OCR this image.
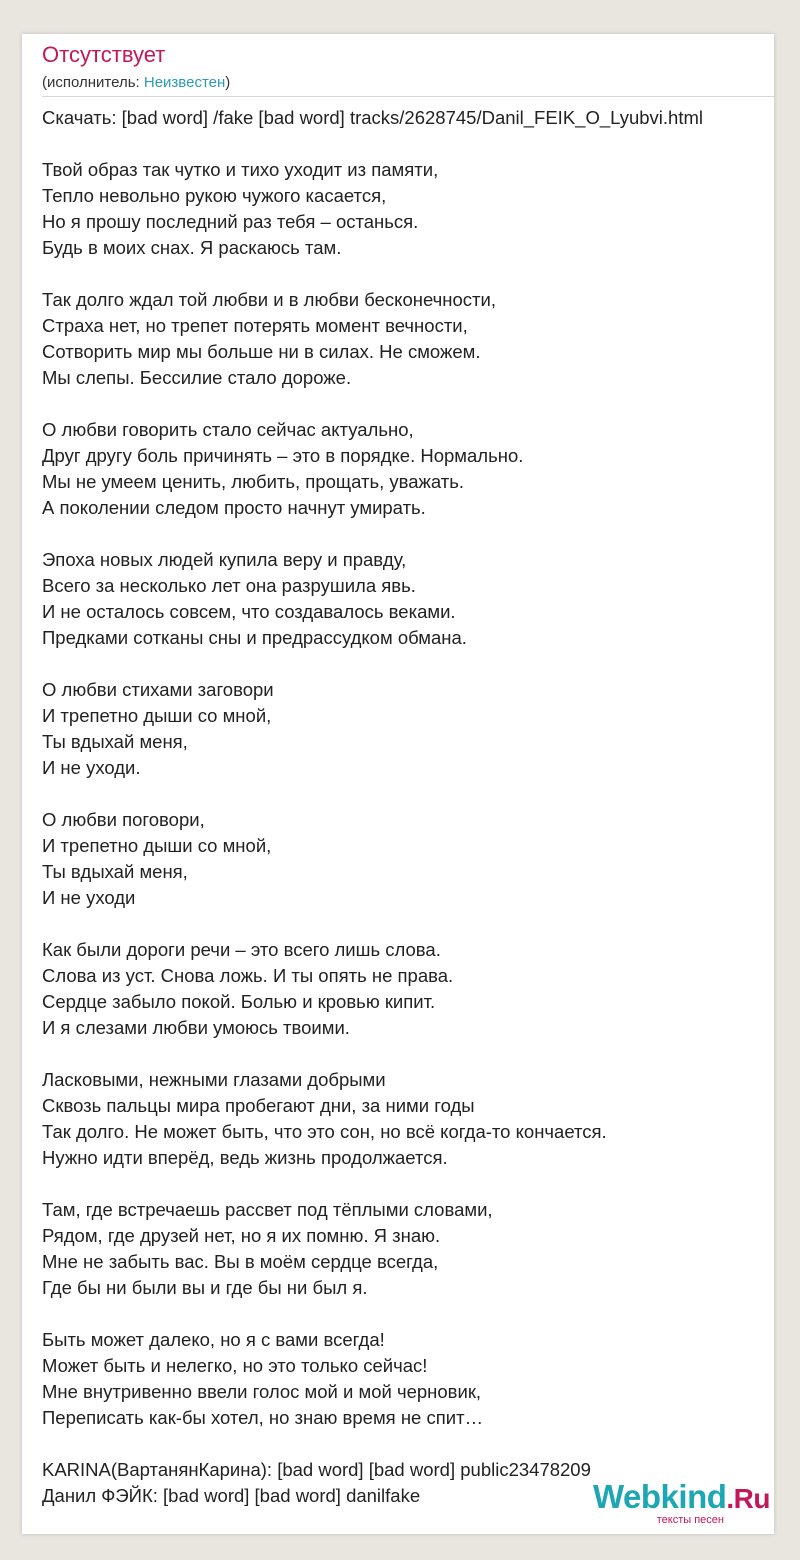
Отсутствует
(исполнитель: Неизвестен)
Скачать: [bad word] /fake [bad word] tracks/2628745/Danil_FEIK_O_Lyubvi.html
Твой образ так чутко и тихо уходит из памяти,
Тепло невольно рукою чужого касается,
Но я прошу последний раз тебя – останься.
Будь в моих снах. Я раскаюсь там.
Так долго ждал той любви и в любви бесконечности,
Страха нет, но трепет потерять момент вечности,
Сотворить мир мы больше ни в силах. Не сможем.
Мы слепы. Бессилие стало дороже.
О любви говорить стало сейчас актуально,
Друг другу боль причинять – это в порядке. Нормально.
Мы не умеем ценить, любить, прощать, уважать.
А поколении следом просто начнут умирать.
Эпоха новых людей купила веру и правду,
Всего за несколько лет она разрушила явь.
И не осталось совсем, что создавалось веками.
Предками сотканы сны и предрассудком обмана.
О любви стихами заговори
И трепетно дыши со мной,
Ты вдыхай меня,
И не уходи.
О любви поговори,
И трепетно дыши со мной,
Ты вдыхай меня,
И не уходи
Как были дороги речи – это всего лишь слова.
Слова из уст. Снова ложь. И ты опять не права.
Сердце забыло покой. Болью и кровью кипит.
И я слезами любви умоюсь твоими.
Ласковыми, нежными глазами добрыми
Сквозь пальцы мира пробегают дни, за ними годы
Так долго. Не может быть, что это сон, но всё когда-то кончается.
Нужно идти вперёд, ведь жизнь продолжается.
Там, где встречаешь рассвет под тёплыми словами,
Рядом, где друзей нет, но я их помню. Я знаю.
Мне не забыть вас. Вы в моём сердце всегда,
Где бы ни были вы и где бы ни был я.
Быть может далеко, но я с вами всегда!
Может быть и нелегко, но это только сейчас!
Мне внутривенно ввели голос мой и мой черновик,
Переписать как-бы хотел, но знаю время не спит…
KARINA(ВартанянКарина): [bad word] [bad word] public23478209
Данил ФЭЙК: [bad word] [bad word] danilfake	Webkind.Ru
тексты песен
